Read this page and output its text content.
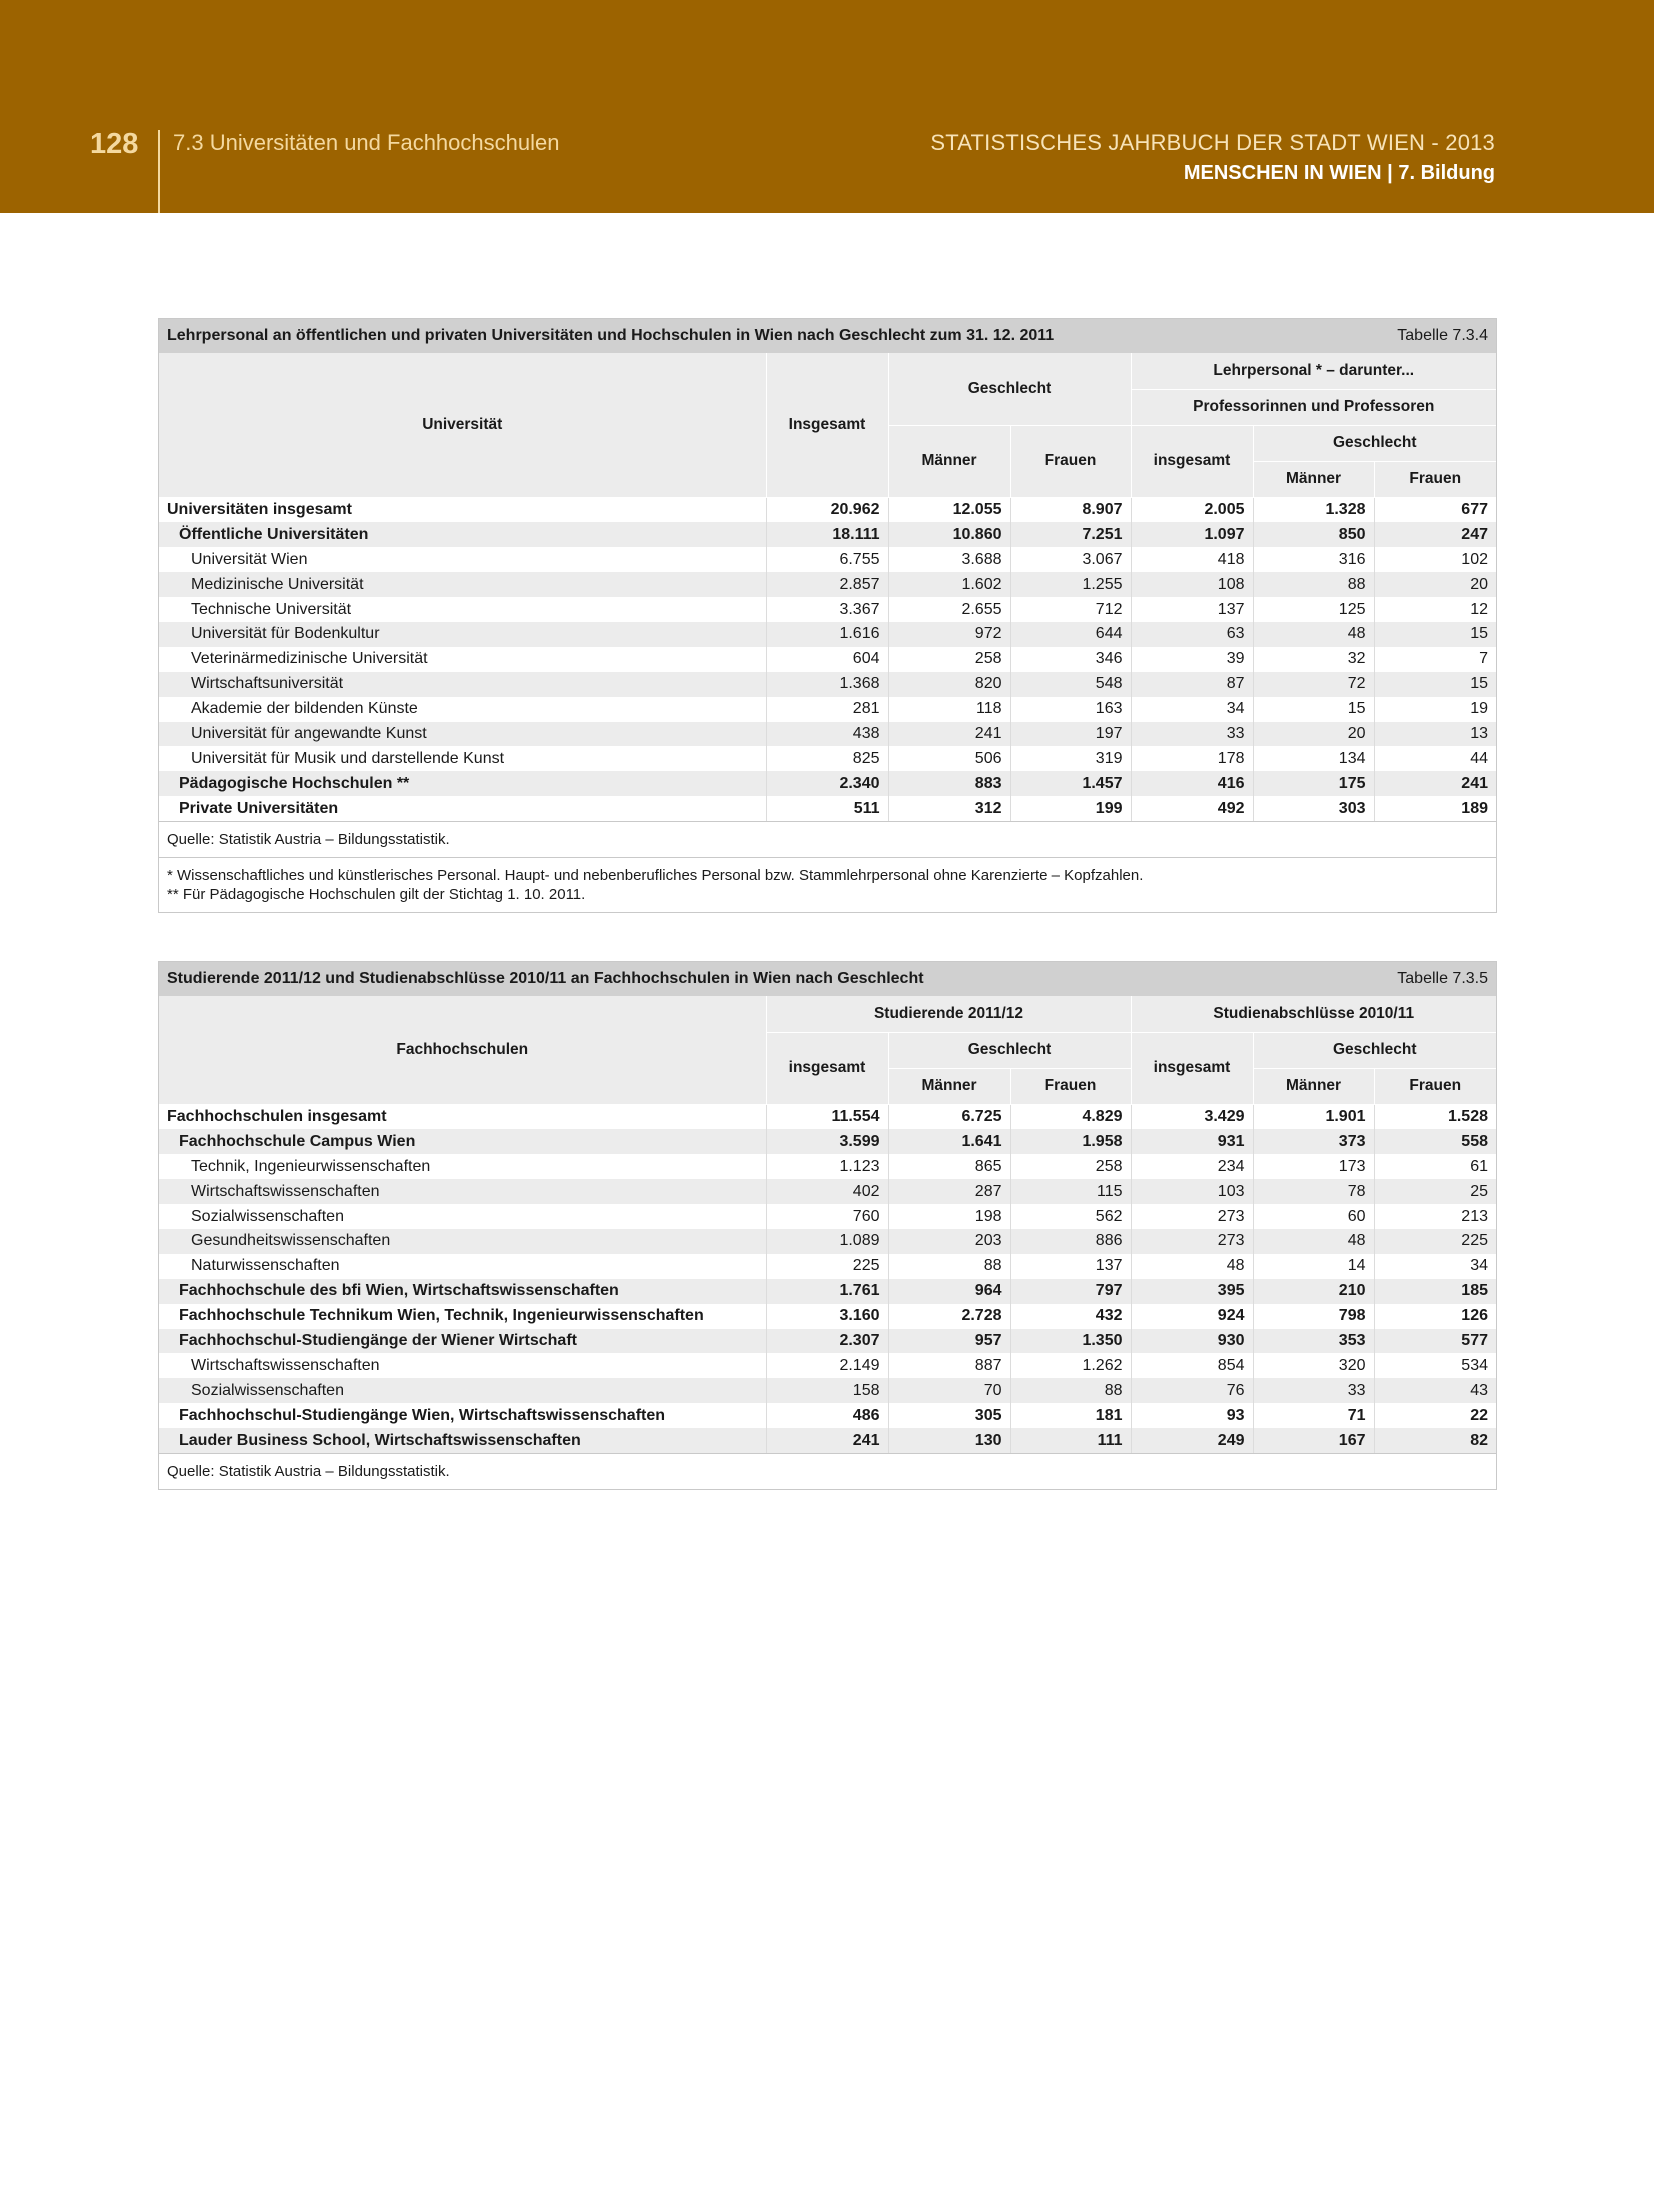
128 7.3 Universitäten und Fachhochschulen	STATISTISCHES JAHRBUCH DER STADT WIEN - 2013
MENSCHEN IN WIEN | 7. Bildung
Lehrpersonal an öffentlichen und privaten Universitäten und Hochschulen in Wien nach Geschlecht zum 31. 12. 2011	Tabelle 7.3.4
Universität	Insgesamt	Geschlecht		Lehrpersonal * – darunter...		
				Professorinnen und Professoren		
		Männer	Frauen	insgesamt	Geschlecht	
					Männer	Frauen
Universitäten insgesamt	20.962	12.055	8.907	2.005	1.328	677
Öffentliche Universitäten	18.111	10.860	7.251	1.097	850	247
Universität Wien	6.755	3.688	3.067	418	316	102
Medizinische Universität	2.857	1.602	1.255	108	88	20
Technische Universität	3.367	2.655	712	137	125	12
Universität für Bodenkultur	1.616	972	644	63	48	15
Veterinärmedizinische Universität	604	258	346	39	32	7
Wirtschaftsuniversität	1.368	820	548	87	72	15
Akademie der bildenden Künste	281	118	163	34	15	19
Universität für angewandte Kunst	438	241	197	33	20	13
Universität für Musik und darstellende Kunst	825	506	319	178	134	44
Pädagogische Hochschulen **	2.340	883	1.457	416	175	241
Private Universitäten	511	312	199	492	303	189
Quelle: Statistik Austria – Bildungsstatistik.
* Wissenschaftliches und künstlerisches Personal. Haupt- und nebenberufliches Personal bzw. Stammlehrpersonal ohne Karenzierte – Kopfzahlen.
** Für Pädagogische Hochschulen gilt der Stichtag 1. 10. 2011.
Studierende 2011/12 und Studienabschlüsse 2010/11 an Fachhochschulen in Wien nach Geschlecht	Tabelle 7.3.5
Fachhochschulen	Studierende 2011/12			Studienabschlüsse 2010/11		
	insgesamt	Geschlecht		insgesamt	Geschlecht	
		Männer	Frauen		Männer	Frauen
Fachhochschulen insgesamt	11.554	6.725	4.829	3.429	1.901	1.528
Fachhochschule Campus Wien	3.599	1.641	1.958	931	373	558
Technik, Ingenieurwissenschaften	1.123	865	258	234	173	61
Wirtschaftswissenschaften	402	287	115	103	78	25
Sozialwissenschaften	760	198	562	273	60	213
Gesundheitswissenschaften	1.089	203	886	273	48	225
Naturwissenschaften	225	88	137	48	14	34
Fachhochschule des bfi Wien, Wirtschaftswissenschaften	1.761	964	797	395	210	185
Fachhochschule Technikum Wien, Technik, Ingenieurwissenschaften	3.160	2.728	432	924	798	126
Fachhochschul-Studiengänge der Wiener Wirtschaft	2.307	957	1.350	930	353	577
Wirtschaftswissenschaften	2.149	887	1.262	854	320	534
Sozialwissenschaften	158	70	88	76	33	43
Fachhochschul-Studiengänge Wien, Wirtschaftswissenschaften	486	305	181	93	71	22
Lauder Business School, Wirtschaftswissenschaften	241	130	111	249	167	82
Quelle: Statistik Austria – Bildungsstatistik.
